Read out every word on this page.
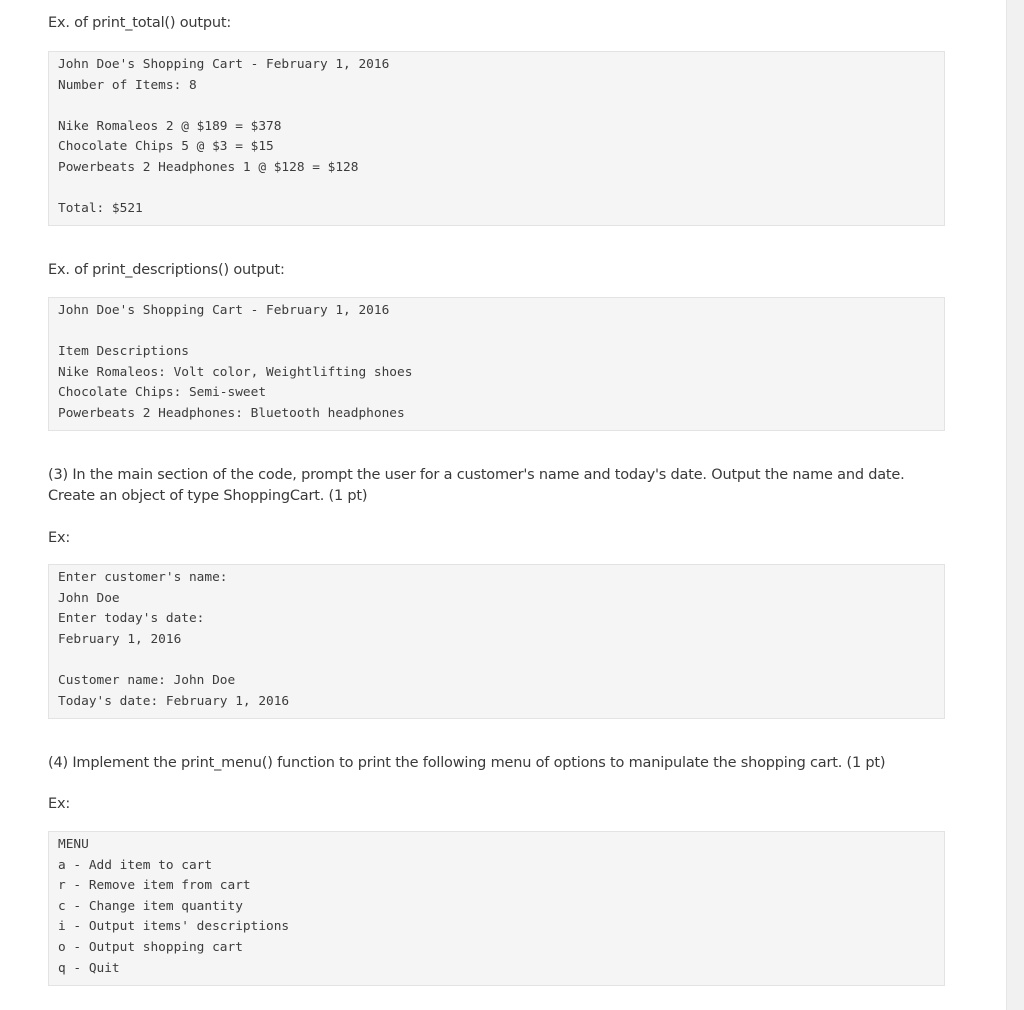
Ex. of print_total() output:

John Doe's Shopping Cart - February 1, 2016
Number of Items: 8
Nike Romaleos 2 @ $189 = $378
Chocolate Chips 5 @ $3 = $15
Powerbeats 2 Headphones 1 @ $128 = $128
Total: $521

Ex. of print_descriptions() output:

John Doe's Shopping Cart - February 1, 2016
Item Descriptions
Nike Romaleos: Volt color, Weightlifting shoes
Chocolate Chips: Semi-sweet
Powerbeats 2 Headphones: Bluetooth headphones

(3) In the main section of the code, prompt the user for a customer's name and today's date. Output the name and date. Create an object of type ShoppingCart. (1 pt)

Ex:

Enter customer's name:
John Doe
Enter today's date:
February 1, 2016
Customer name: John Doe
Today's date: February 1, 2016

(4) Implement the print_menu() function to print the following menu of options to manipulate the shopping cart. (1 pt)

Ex:

MENU
a - Add item to cart
r - Remove item from cart
c - Change item quantity
i - Output items' descriptions
o - Output shopping cart
q - Quit
